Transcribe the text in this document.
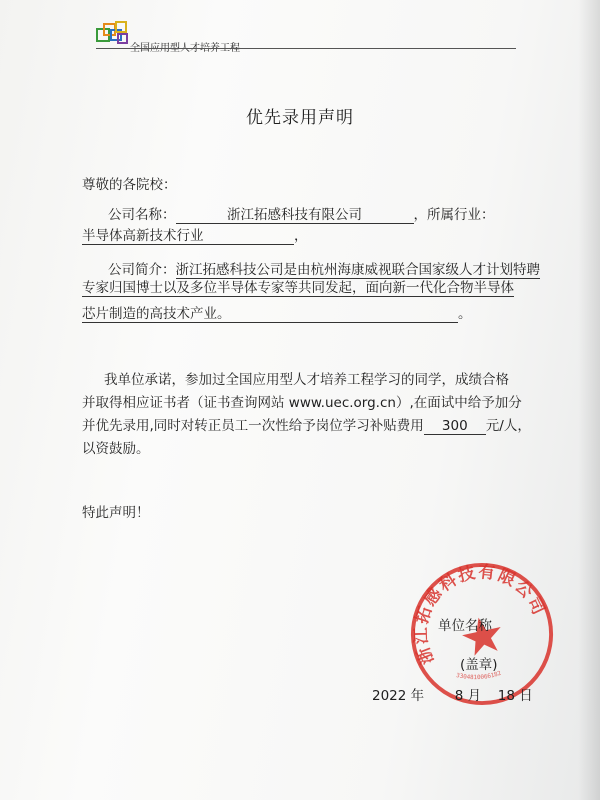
优先录用声明
尊敬的各院校：
公司名称：	浙江拓感科技有限公司	，所属行业：
半导体高新技术行业	，
公司简介：浙江拓感科技公司是由杭州海康威视联合国家级人才计划特聘
专家归国博士以及多位半导体专家等共同发起，面向新一代化合物半导体
芯片制造的高技术产业。	。
我单位承诺，参加过全国应用型人才培养工程学习的同学，成绩合格
并取得相应证书者（证书查询网站 www.uec.org.cn）,在面试中给予加分
并优先录用,同时对转正员工一次性给予岗位学习补贴费用 300 元/人，
以资鼓励。
特此声明！
浙江拓感科技有限公司
3304810066182
单位名称
(盖章)
2022 年 8 月 18 日
